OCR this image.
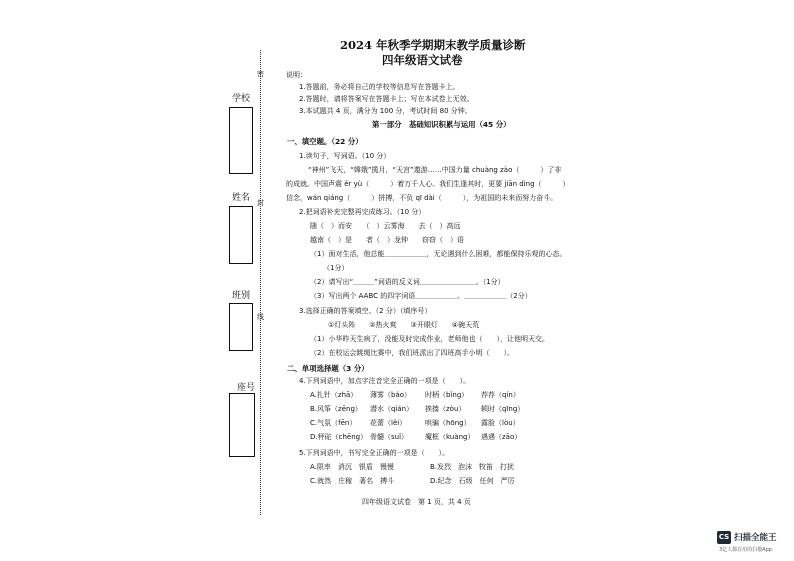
密
封
线
学校
姓名
班别
座号
2024 年秋季学期期末教学质量诊断
四年级语文试卷
说明：
1.答题前，务必将自己的学校等信息写在答题卡上。
2.答题时，请将答案写在答题卡上；写在本试卷上无效。
3.本试题共 4 页，满分为 100 分，考试时间 80 分钟。
第一部分　基础知识积累与运用（45 分）
一、填空题。（22 分）
1.读句子，写词语。（10 分）
“神州”飞天，“嫦娥”揽月，“天宫”遨游……中国力量 chuàng zào（　　　）了非
的成就。中国声震 ěr yù（　　　）着万千人心。我们生逢其时，更要 jiān dìng（　　　）
信念，wán qiáng（　　　）拼搏，不负 qī dài（　　　），为祖国的未来而努力奋斗。
2.把词语补充完整再完成练习。（10 分）
随（　）而安　　（　）云雾海　　去（　）高远
越南（　）是　　者（　）龙钟　　窃窃（　）语
（1）面对生活，他总能＿＿＿＿＿＿，无论遇到什么困难，都能保持乐观的心态。
（1分）
（2）请写出“＿＿＿”词语的反义词＿＿＿＿＿＿＿＿。（1分）
（3）写出两个 AABC 的四字词语＿＿＿＿＿＿、＿＿＿＿＿＿（2分）
3.选择正确的答案填空。（2 分）（填序号）
①灯头阵　　②热火爽　　③开眼灯　　④碗天荒
（1）小华昨天生病了，没能及时完成作业，老师他也（　　），让他明天交。
（2）在校运会跳绳比赛中，我们班派出了四班高手小明（　　）。
二、单项选择题（3 分）
4.下列词语中，加点字注音完全正确的一项是（　　）。
A.扎针（zhā） 薄雾（báo） 时柄（bǐng） 荐荐（qín）
B.风筝（zēng） 潜水（qián） 挨揍（zòu） 顿时（qīng）
C.气氛（fēn） 花蕾（lěi）	哄骗（hōng） 露脸（lòu）
D.秤砣（chēng） 骨髓（suǐ） 魔框（kuàng） 遇遇（zāo）
5.下列词语中，书写完全正确的一项是（　　）。
A.限率　消沉　银盾　慢慢	B.发烈　泡沫　牧笛　打扰
C.就然　庄稼　著名　搏斗	D.纪念　石级　任何　严厉
四年级语文试卷　第 1 页，共 4 页
CS 扫描全能王
3亿人都在用的扫描App
